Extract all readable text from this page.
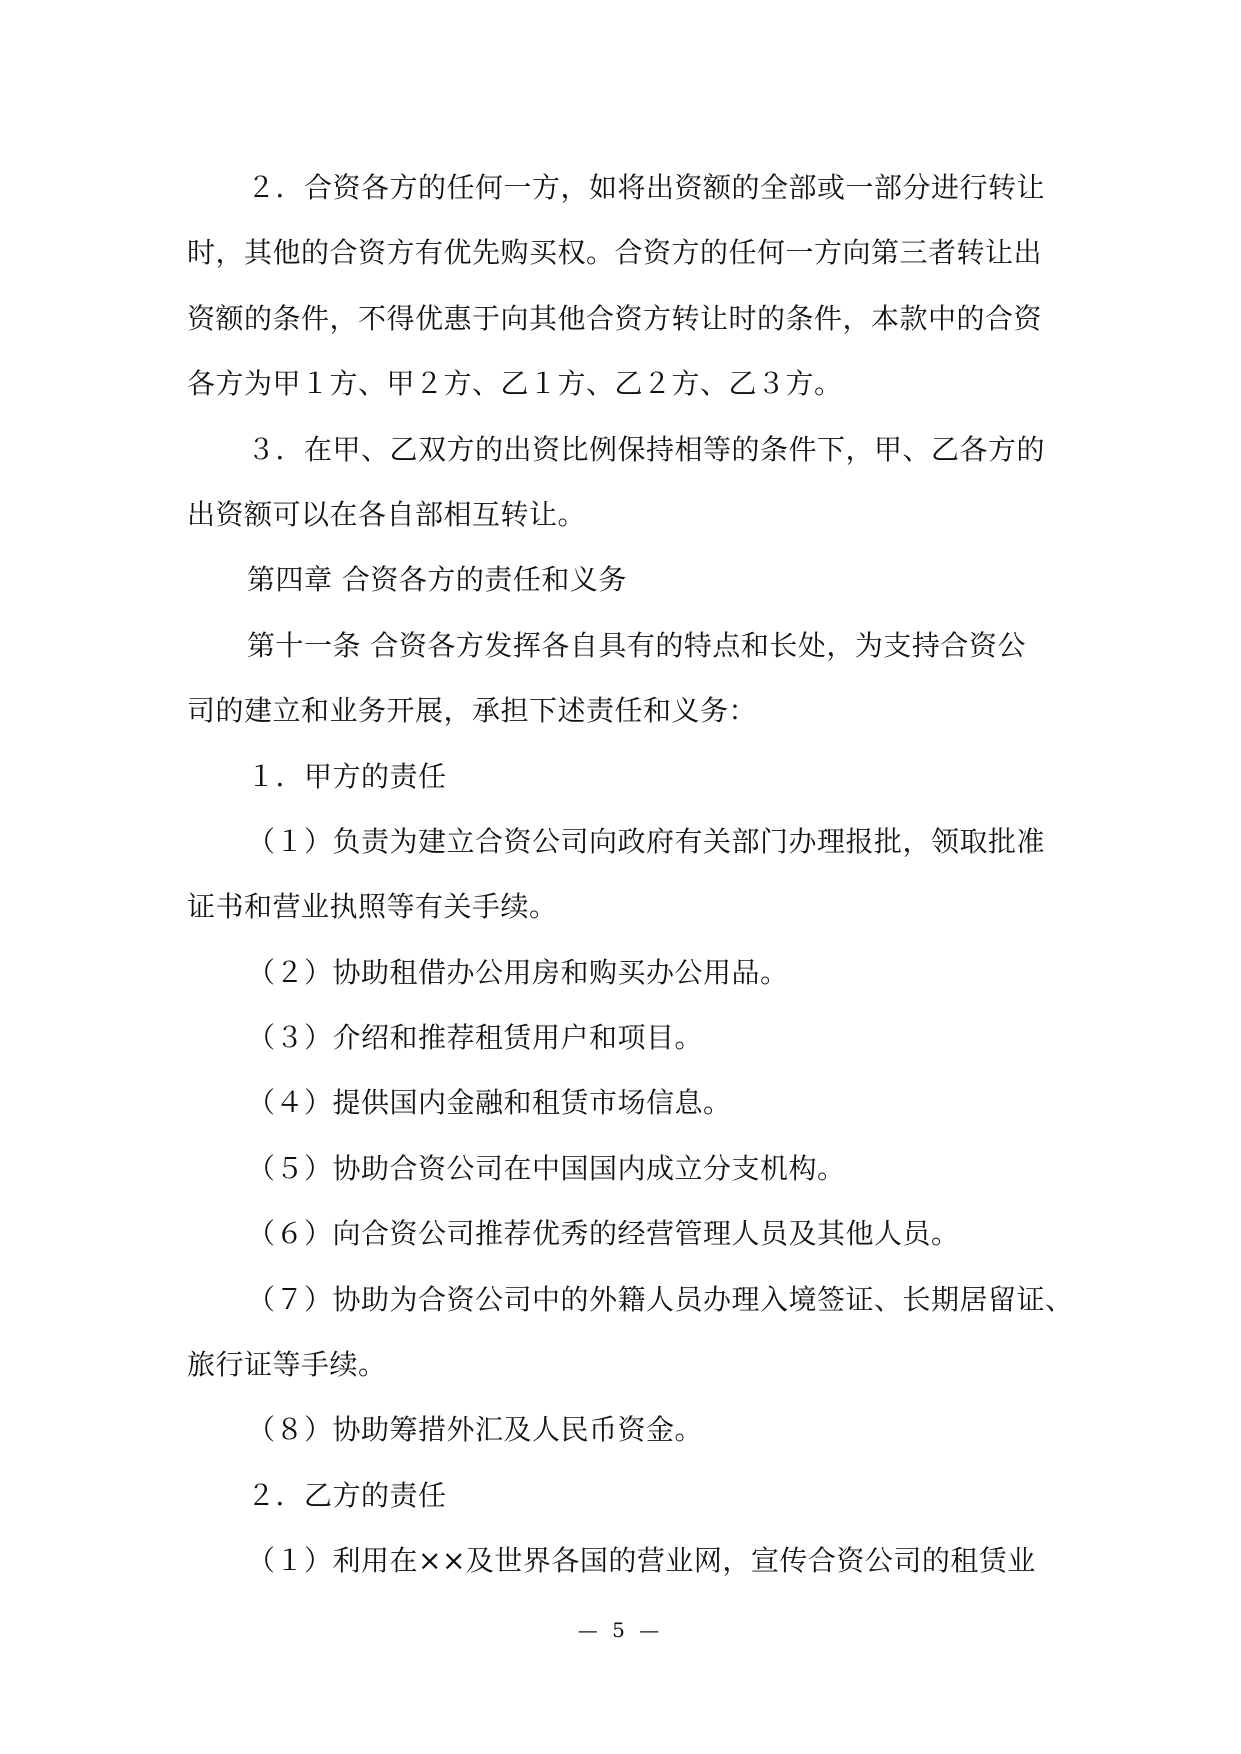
２．合资各方的任何一方，如将出资额的全部或一部分进行转让
时，其他的合资方有优先购买权。合资方的任何一方向第三者转让出
资额的条件，不得优惠于向其他合资方转让时的条件，本款中的合资
各方为甲１方、甲２方、乙１方、乙２方、乙３方。
３．在甲、乙双方的出资比例保持相等的条件下，甲、乙各方的
出资额可以在各自部相互转让。
第四章 合资各方的责任和义务
第十一条 合资各方发挥各自具有的特点和长处，为支持合资公
司的建立和业务开展，承担下述责任和义务：
１．甲方的责任
（１）负责为建立合资公司向政府有关部门办理报批，领取批准
证书和营业执照等有关手续。
（２）协助租借办公用房和购买办公用品。
（３）介绍和推荐租赁用户和项目。
（４）提供国内金融和租赁市场信息。
（５）协助合资公司在中国国内成立分支机构。
（６）向合资公司推荐优秀的经营管理人员及其他人员。
（７）协助为合资公司中的外籍人员办理入境签证、长期居留证、
旅行证等手续。
（８）协助筹措外汇及人民币资金。
２．乙方的责任
（１）利用在××及世界各国的营业网，宣传合资公司的租赁业
— 5 —
